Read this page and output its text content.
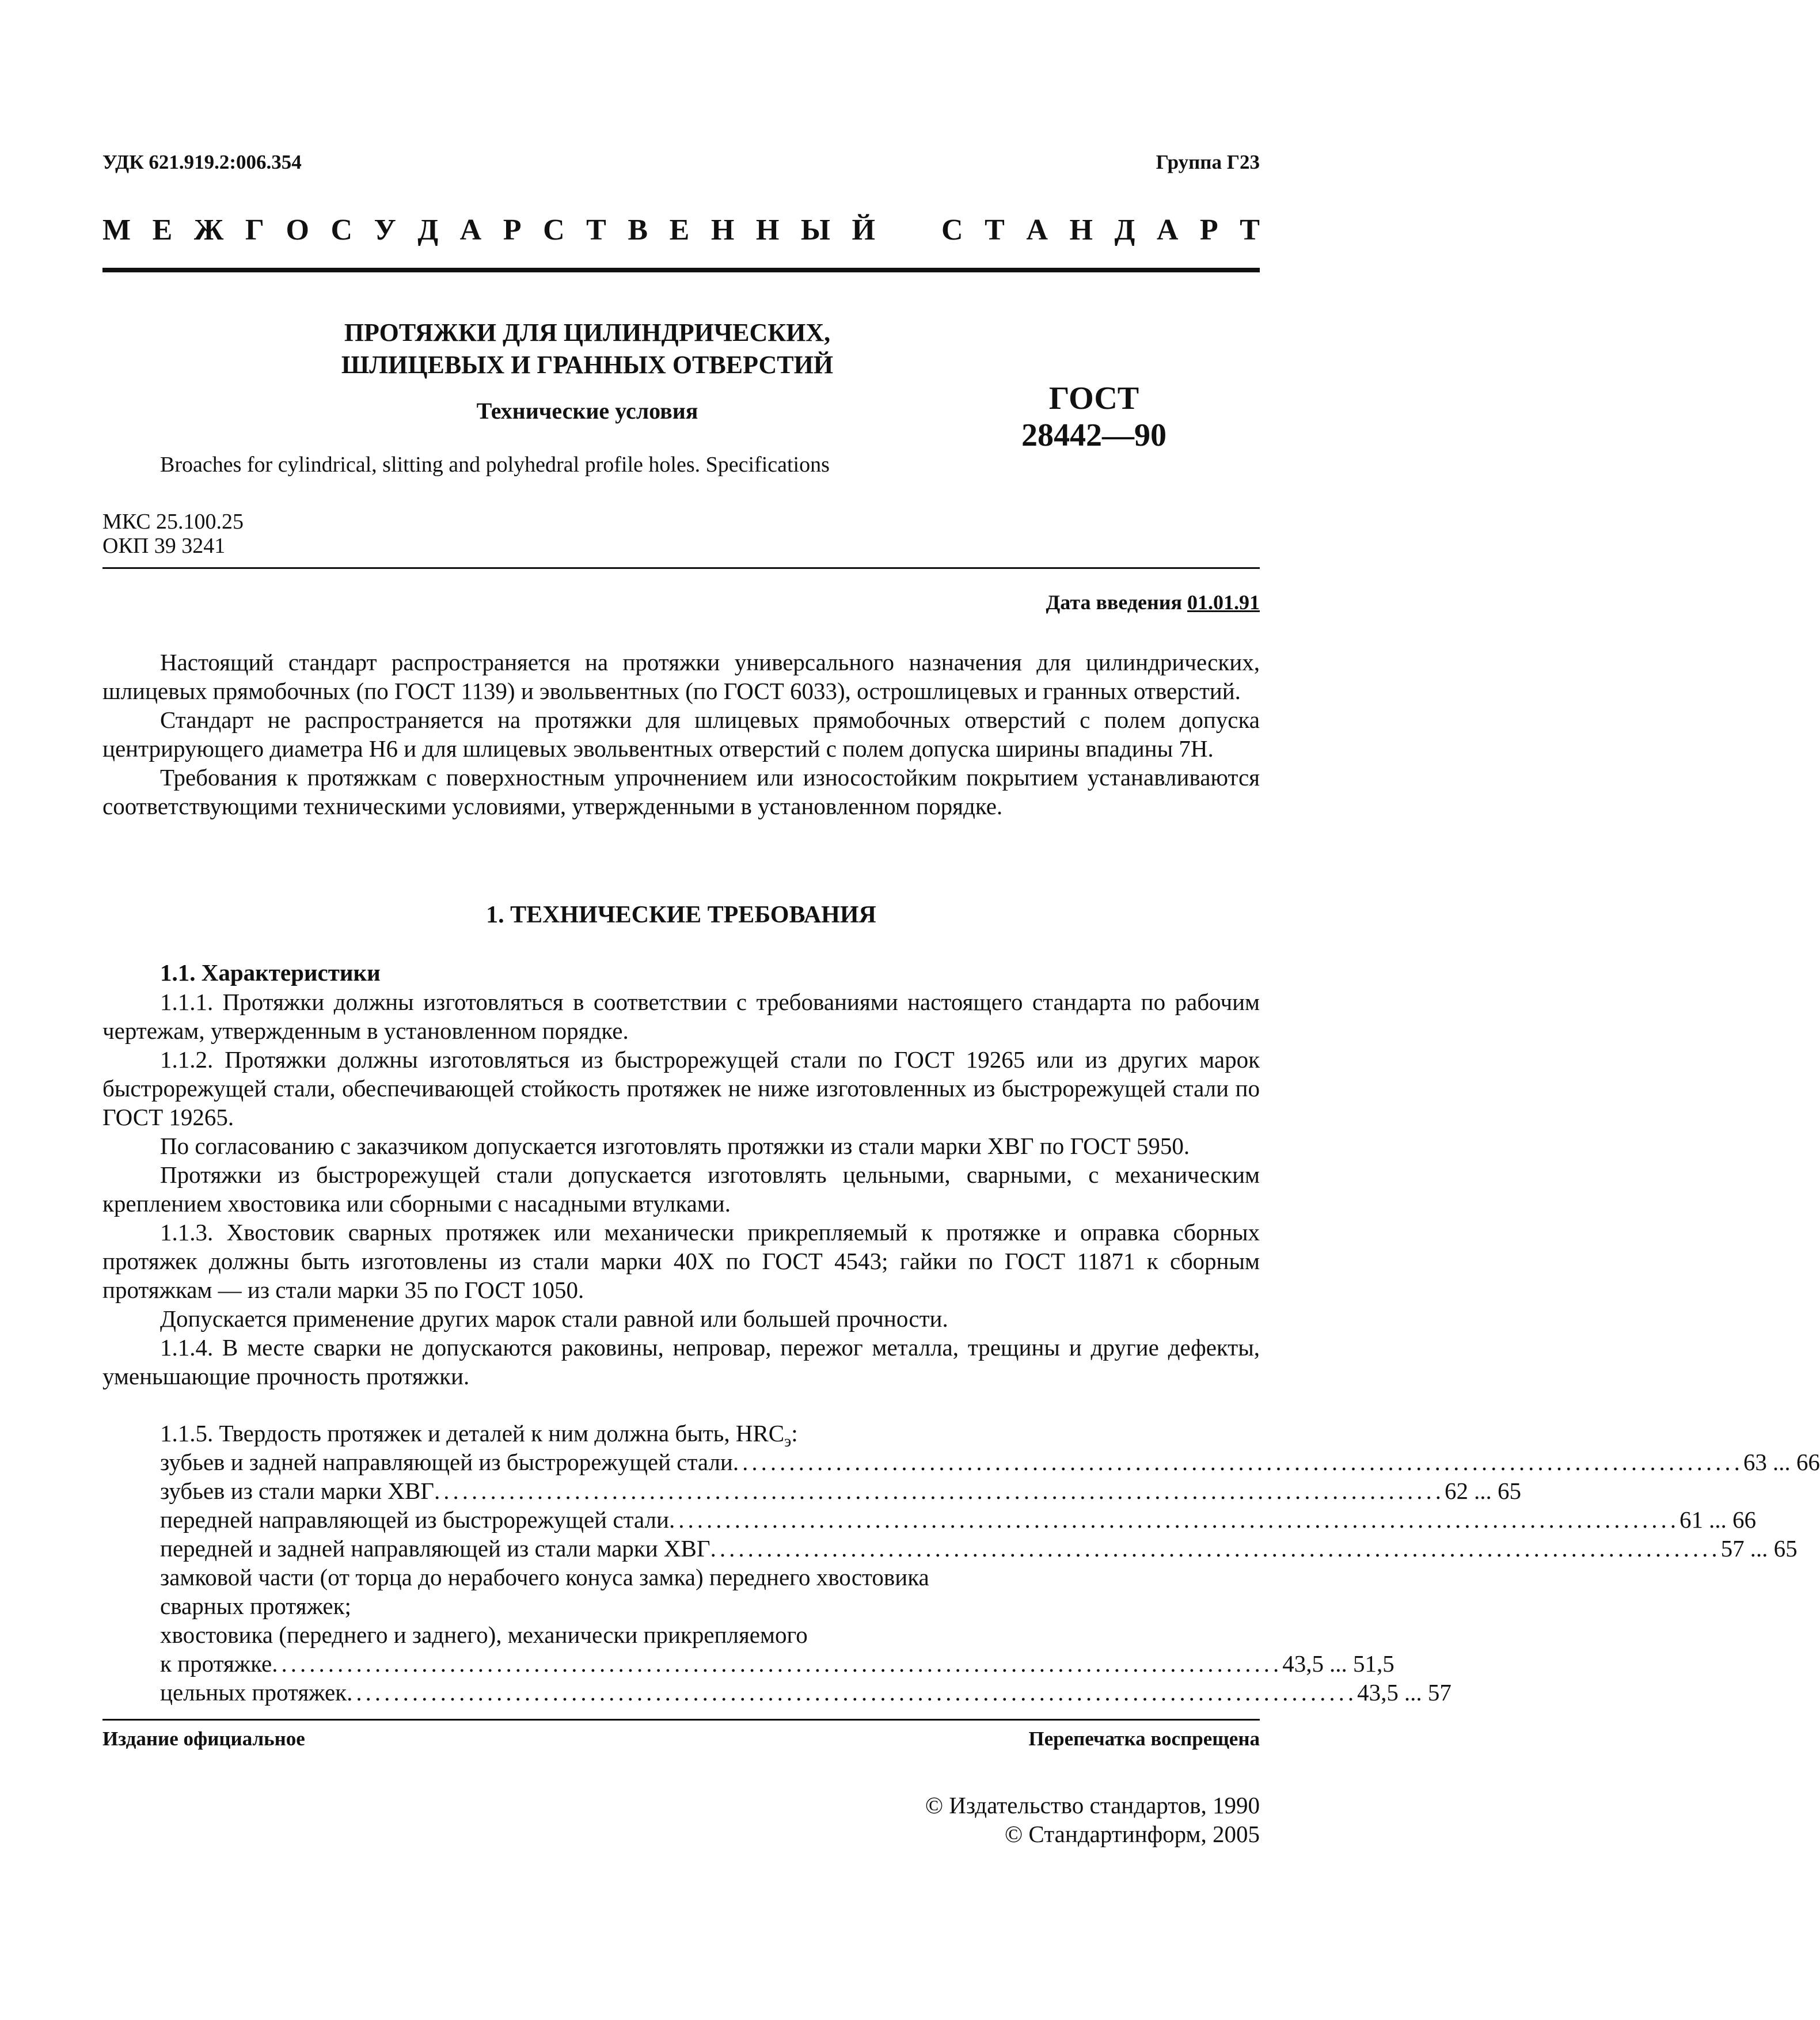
УДК 621.919.2:006.354	Группа Г23
М Е Ж Г О С У Д А Р С Т В Е Н Н Ы Й С Т А Н Д А Р Т
ПРОТЯЖКИ ДЛЯ ЦИЛИНДРИЧЕСКИХ,
ШЛИЦЕВЫХ И ГРАННЫХ ОТВЕРСТИЙ
Технические условия	ГОСТ
28442—90
Broaches for cylindrical, slitting and polyhedral profile holes. Specifications
МКС 25.100.25
ОКП 39 3241
Дата введения 01.01.91

Настоящий стандарт распространяется на протяжки универсального назначения для цилиндрических, шлицевых прямобочных (по ГОСТ 1139) и эвольвентных (по ГОСТ 6033), острошлицевых и гранных отверстий.

Стандарт не распространяется на протяжки для шлицевых прямобочных отверстий с полем допуска центрирующего диаметра Н6 и для шлицевых эвольвентных отверстий с полем допуска ширины впадины 7Н.

Требования к протяжкам с поверхностным упрочнением или износостойким покрытием устанавливаются соответствующими техническими условиями, утвержденными в установленном порядке.

1. ТЕХНИЧЕСКИЕ ТРЕБОВАНИЯ
1.1. Характеристики

1.1.1. Протяжки должны изготовляться в соответствии с требованиями настоящего стандарта по рабочим чертежам, утвержденным в установленном порядке.

1.1.2. Протяжки должны изготовляться из быстрорежущей стали по ГОСТ 19265 или из других марок быстрорежущей стали, обеспечивающей стойкость протяжек не ниже изготовленных из быстрорежущей стали по ГОСТ 19265.

По согласованию с заказчиком допускается изготовлять протяжки из стали марки ХВГ по ГОСТ 5950.

Протяжки из быстрорежущей стали допускается изготовлять цельными, сварными, с механическим креплением хвостовика или сборными с насадными втулками.

1.1.3. Хвостовик сварных протяжек или механически прикрепляемый к протяжке и оправка сборных протяжек должны быть изготовлены из стали марки 40Х по ГОСТ 4543; гайки по ГОСТ 11871 к сборным протяжкам — из стали марки 35 по ГОСТ 1050.

Допускается применение других марок стали равной или большей прочности.

1.1.4. В месте сварки не допускаются раковины, непровар, пережог металла, трещины и другие дефекты, уменьшающие прочность протяжки.

1.1.5. Твердость протяжек и деталей к ним должна быть, $HRC_э$:
зубьев и задней направляющей из быстрорежущей стали ............................................................................................................ 63 ... 66
зубьев из стали марки ХВГ ............................................................................................................ 62 ... 65
передней направляющей из быстрорежущей стали ............................................................................................................ 61 ... 66
передней и задней направляющей из стали марки ХВГ ............................................................................................................ 57 ... 65
замковой части (от торца до нерабочего конуса замка) переднего хвостовика
сварных протяжек;
хвостовика (переднего и заднего), механически прикрепляемого
к протяжке ............................................................................................................ 43,5 ... 51,5
цельных протяжек ............................................................................................................ 43,5 ... 57
Издание официальное	Перепечатка воспрещена
© Издательство стандартов, 1990
© Стандартинформ, 2005
